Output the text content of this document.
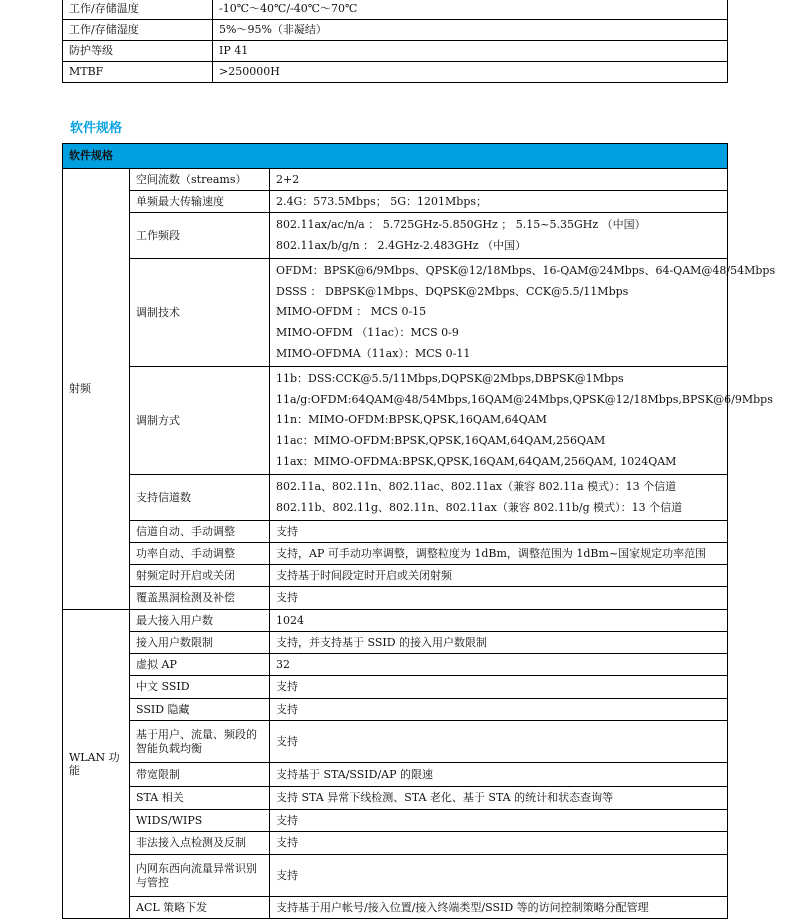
工作/存储温度	-10℃～40℃/-40℃～70℃
工作/存储湿度	5%～95%（非凝结）
防护等级	IP 41
MTBF	>250000H
软件规格
软件规格		
射频	空间流数（streams）	2+2
	单频最大传输速度	2.4G：573.5Mbps； 5G：1201Mbps；
	工作频段	802.11ax/ac/n/a ： 5.725GHz-5.850GHz ； 5.15~5.35GHz （中国）
802.11ax/b/g/n ： 2.4GHz-2.483GHz （中国）

	调制技术	OFDM：BPSK@6/9Mbps、QPSK@12/18Mbps、16-QAM@24Mbps、64-QAM@48/54Mbps
DSSS ： DBPSK@1Mbps、DQPSK@2Mbps、CCK@5.5/11Mbps
MIMO-OFDM ： MCS 0-15
MIMO-OFDM （11ac）：MCS 0-9
MIMO-OFDMA（11ax）：MCS 0-11

	调制方式	11b：DSS:CCK@5.5/11Mbps,DQPSK@2Mbps,DBPSK@1Mbps
11a/g:OFDM:64QAM@48/54Mbps,16QAM@24Mbps,QPSK@12/18Mbps,BPSK@6/9Mbps
11n：MIMO-OFDM:BPSK,QPSK,16QAM,64QAM
11ac：MIMO-OFDM:BPSK,QPSK,16QAM,64QAM,256QAM
11ax：MIMO-OFDMA:BPSK,QPSK,16QAM,64QAM,256QAM, 1024QAM

	支持信道数	802.11a、802.11n、802.11ac、802.11ax（兼容 802.11a 模式）：13 个信道
802.11b、802.11g、802.11n、802.11ax（兼容 802.11b/g 模式）：13 个信道

	信道自动、手动调整	支持
	功率自动、手动调整	支持，AP 可手动功率调整，调整粒度为 1dBm，调整范围为 1dBm~国家规定功率范围
	射频定时开启或关闭	支持基于时间段定时开启或关闭射频
	覆盖黑洞检测及补偿	支持
WLAN 功能	最大接入用户数	1024
	接入用户数限制	支持，并支持基于 SSID 的接入用户数限制
	虚拟 AP	32
	中文 SSID	支持
	SSID 隐藏	支持
	基于用户、流量、频段的智能负载均衡	支持
	带宽限制	支持基于 STA/SSID/AP 的限速
	STA 相关	支持 STA 异常下线检测、STA 老化、基于 STA 的统计和状态查询等
	WIDS/WIPS	支持
	非法接入点检测及反制	支持
	内网东西向流量异常识别与管控	支持
	ACL 策略下发	支持基于用户帐号/接入位置/接入终端类型/SSID 等的访问控制策略分配管理
